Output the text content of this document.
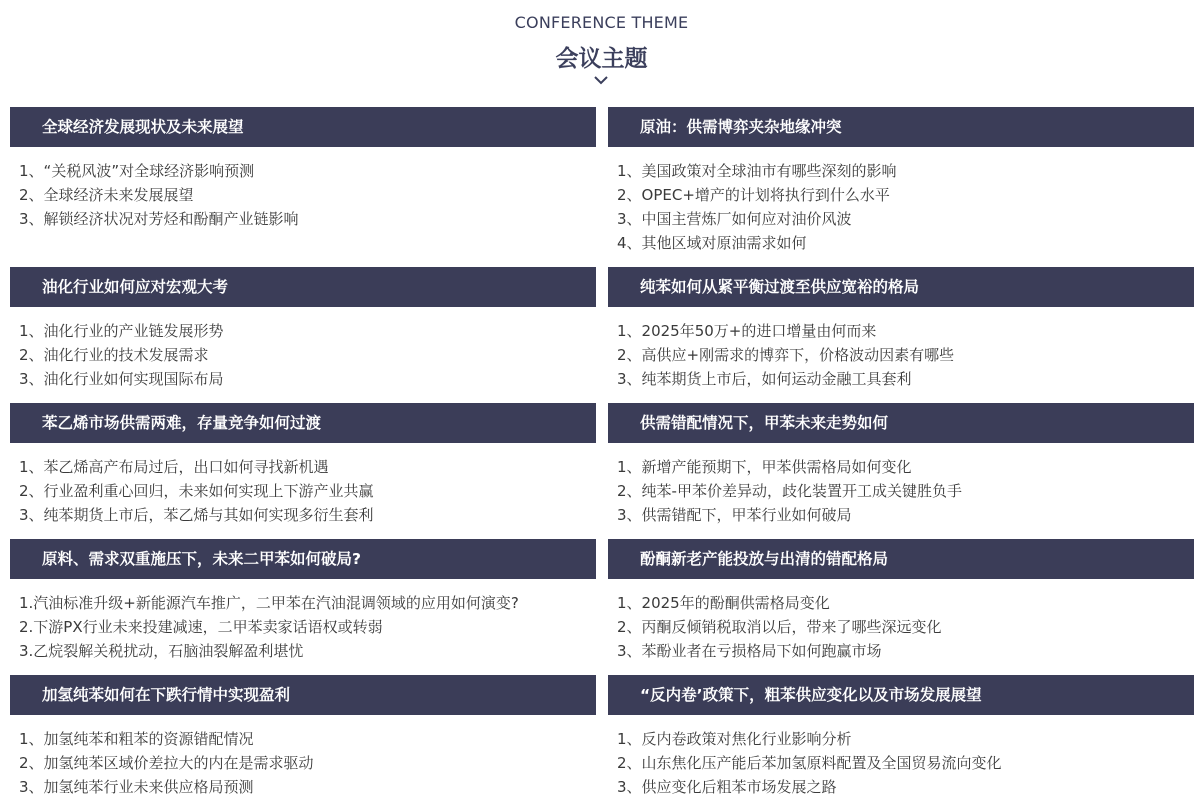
CONFERENCE THEME
会议主题
全球经济发展现状及未来展望
1、“关税风波”对全球经济影响预测
2、全球经济未来发展展望
3、解锁经济状况对芳烃和酚酮产业链影响
油化行业如何应对宏观大考
1、油化行业的产业链发展形势
2、油化行业的技术发展需求
3、油化行业如何实现国际布局
苯乙烯市场供需两难，存量竞争如何过渡
1、苯乙烯高产布局过后，出口如何寻找新机遇
2、行业盈利重心回归，未来如何实现上下游产业共赢
3、纯苯期货上市后，苯乙烯与其如何实现多衍生套利
原料、需求双重施压下，未来二甲苯如何破局?
1.汽油标准升级+新能源汽车推广，二甲苯在汽油混调领域的应用如何演变?
2.下游PX行业未来投建减速，二甲苯卖家话语权或转弱
3.乙烷裂解关税扰动，石脑油裂解盈利堪忧
加氢纯苯如何在下跌行情中实现盈利
1、加氢纯苯和粗苯的资源错配情况
2、加氢纯苯区域价差拉大的内在是需求驱动
3、加氢纯苯行业未来供应格局预测
原油：供需博弈夹杂地缘冲突
1、美国政策对全球油市有哪些深刻的影响
2、OPEC+增产的计划将执行到什么水平
3、中国主营炼厂如何应对油价风波
4、其他区域对原油需求如何
纯苯如何从紧平衡过渡至供应宽裕的格局
1、2025年50万+的进口增量由何而来
2、高供应+刚需求的博弈下，价格波动因素有哪些
3、纯苯期货上市后，如何运动金融工具套利
供需错配情况下，甲苯未来走势如何
1、新增产能预期下，甲苯供需格局如何变化
2、纯苯-甲苯价差异动，歧化装置开工成关键胜负手
3、供需错配下，甲苯行业如何破局
酚酮新老产能投放与出清的错配格局
1、2025年的酚酮供需格局变化
2、丙酮反倾销税取消以后，带来了哪些深远变化
3、苯酚业者在亏损格局下如何跑赢市场
“反内卷’政策下，粗苯供应变化以及市场发展展望
1、反内卷政策对焦化行业影响分析
2、山东焦化压产能后苯加氢原料配置及全国贸易流向变化
3、供应变化后粗苯市场发展之路
